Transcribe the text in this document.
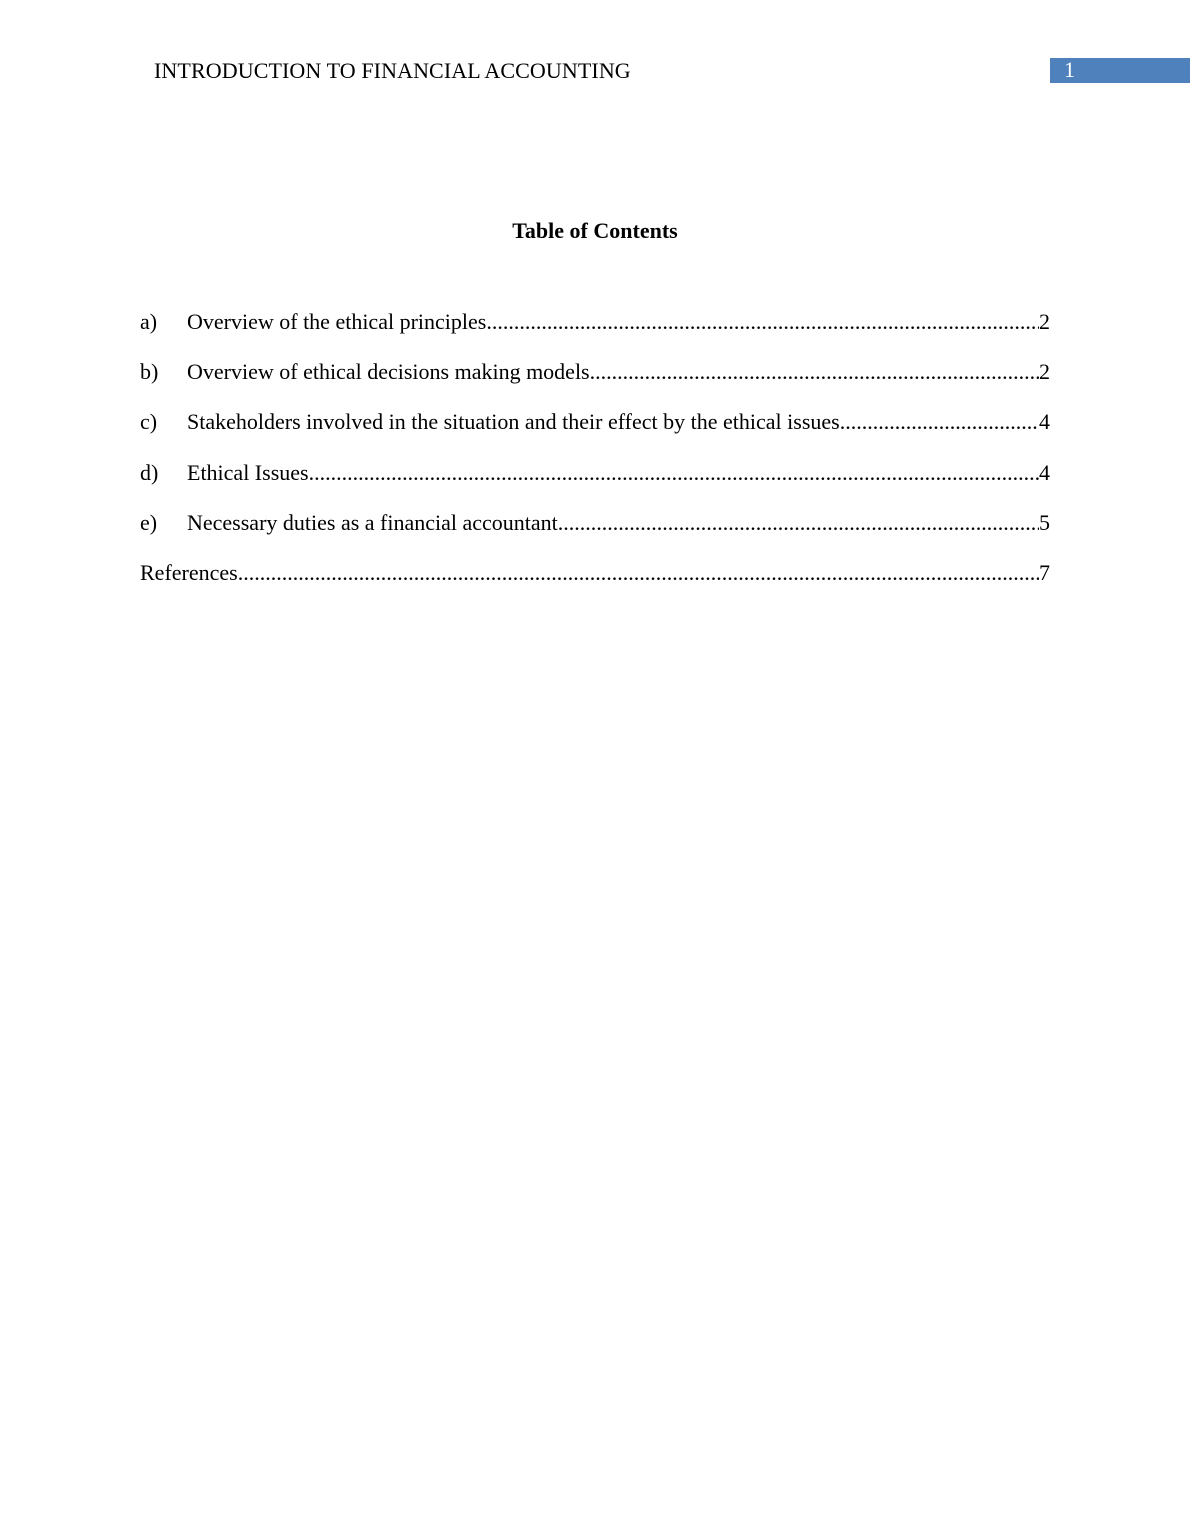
INTRODUCTION TO FINANCIAL ACCOUNTING	1
Table of Contents
a)	Overview of the ethical principles .....	2
b)	Overview of ethical decisions making models .....	2
c)	Stakeholders involved in the situation and their effect by the ethical issues .....	4
d)	Ethical Issues .....	4
e)	Necessary duties as a financial accountant .....	5
References .....	7
